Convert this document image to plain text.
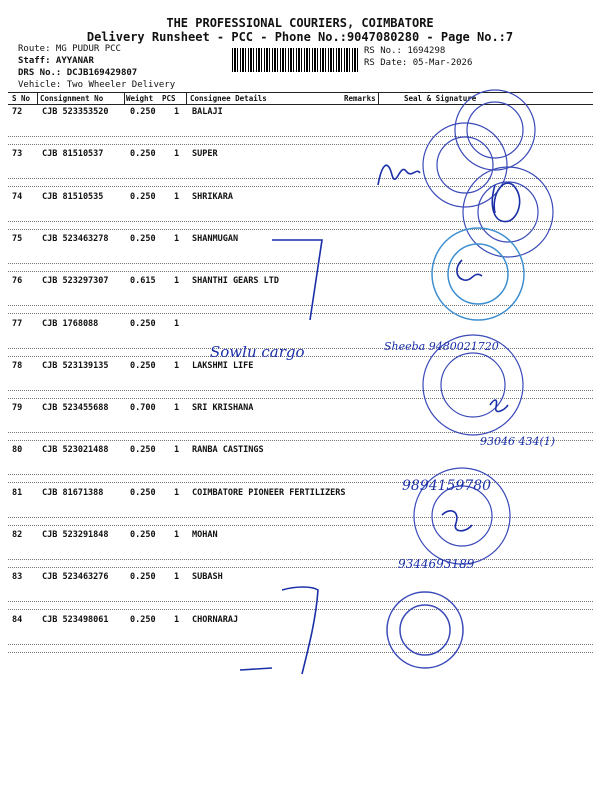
THE PROFESSIONAL COURIERS, COIMBATORE
Delivery Runsheet - PCC - Phone No.:9047080280 - Page No.:7
Route: MG PUDUR PCC
Staff: AYYANAR
DRS No.: DCJB169429807
Vehicle: Two Wheeler Delivery
RS No.: 1694298
RS Date: 05-Mar-2026
S No Consignment No	Weight PCS Consignee Details	Remarks	Seal & Signature
72 CJB 523353520	0.250 1 BALAJI
73 CJB 81510537	0.250 1 SUPER
74 CJB 81510535	0.250 1 SHRIKARA
75 CJB 523463278	0.250 1 SHANMUGAN
76 CJB 523297307	0.615 1 SHANTHI GEARS LTD
77 CJB 1768088	0.250 1
78 CJB 523139135	0.250 1 LAKSHMI LIFE
79 CJB 523455688	0.700 1 SRI KRISHANA
80 CJB 523021488	0.250 1 RANBA CASTINGS
81 CJB 81671388	0.250 1 COIMBATORE PIONEER FERTILIZERS
82 CJB 523291848	0.250 1 MOHAN
83 CJB 523463276	0.250 1 SUBASH
84 CJB 523498061	0.250 1 CHORNARAJ
Sowlu cargo	Sheeba 9480021720
93046 434(1)
9894159780
9344693189
